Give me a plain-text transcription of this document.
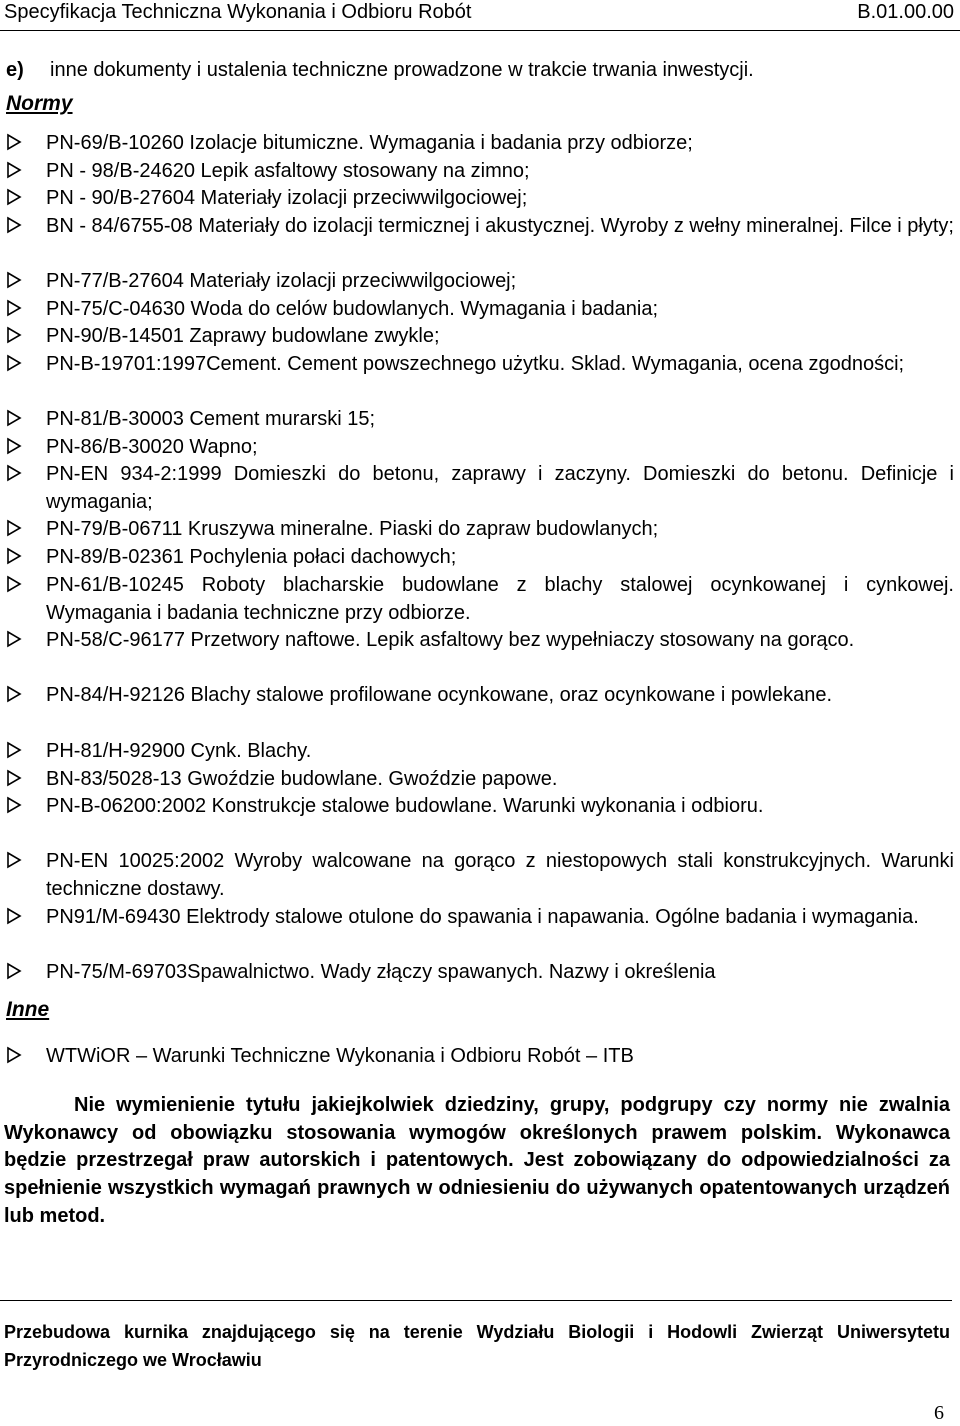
Specyfikacja Techniczna Wykonania i Odbioru Robót	B.01.00.00
e) inne dokumenty i ustalenia techniczne prowadzone w trakcie trwania inwestycji.
Normy
PN-69/B-10260 Izolacje bitumiczne. Wymagania i badania przy odbiorze;
PN - 98/B-24620 Lepik asfaltowy stosowany na zimno;
PN - 90/B-27604 Materiały izolacji przeciwwilgociowej;
BN - 84/6755-08 Materiały do izolacji termicznej i akustycznej. Wyroby z wełny mineralnej. Filce i płyty;
PN-77/B-27604 Materiały izolacji przeciwwilgociowej;
PN-75/C-04630 Woda do celów budowlanych. Wymagania i badania;
PN-90/B-14501 Zaprawy budowlane zwykle;
PN-B-19701:1997Cement. Cement powszechnego użytku. Sklad. Wymagania, ocena zgodności;
PN-81/B-30003 Cement murarski 15;
PN-86/B-30020 Wapno;
PN-EN 934-2:1999 Domieszki do betonu, zaprawy i zaczyny. Domieszki do betonu. Definicje i wymagania;
PN-79/B-06711 Kruszywa mineralne. Piaski do zapraw budowlanych;
PN-89/B-02361 Pochylenia połaci dachowych;
PN-61/B-10245 Roboty blacharskie budowlane z blachy stalowej ocynkowanej i cynkowej. Wymagania i badania techniczne przy odbiorze.
PN-58/C-96177 Przetwory naftowe. Lepik asfaltowy bez wypełniaczy stosowany na gorąco.
PN-84/H-92126 Blachy stalowe profilowane ocynkowane, oraz ocynkowane i powlekane.
PH-81/H-92900 Cynk. Blachy.
BN-83/5028-13 Gwoździe budowlane. Gwoździe papowe.
PN-B-06200:2002 Konstrukcje stalowe budowlane. Warunki wykonania i odbioru.
PN-EN 10025:2002 Wyroby walcowane na gorąco z niestopowych stali konstrukcyjnych. Warunki techniczne dostawy.
PN91/M-69430 Elektrody stalowe otulone do spawania i napawania. Ogólne badania i wymagania.
PN-75/M-69703Spawalnictwo. Wady złączy spawanych. Nazwy i określenia
Inne
WTWiOR – Warunki Techniczne Wykonania i Odbioru Robót – ITB
Nie wymienienie tytułu jakiejkolwiek dziedziny, grupy, podgrupy czy normy nie zwalnia Wykonawcy od obowiązku stosowania wymogów określonych prawem polskim. Wykonawca będzie przestrzegał praw autorskich i patentowych. Jest zobowiązany do odpowiedzialności za spełnienie wszystkich wymagań prawnych w odniesieniu do używanych opatentowanych urządzeń lub metod.
Przebudowa kurnika znajdującego się na terenie Wydziału Biologii i Hodowli Zwierząt Uniwersytetu Przyrodniczego we Wrocławiu
6
